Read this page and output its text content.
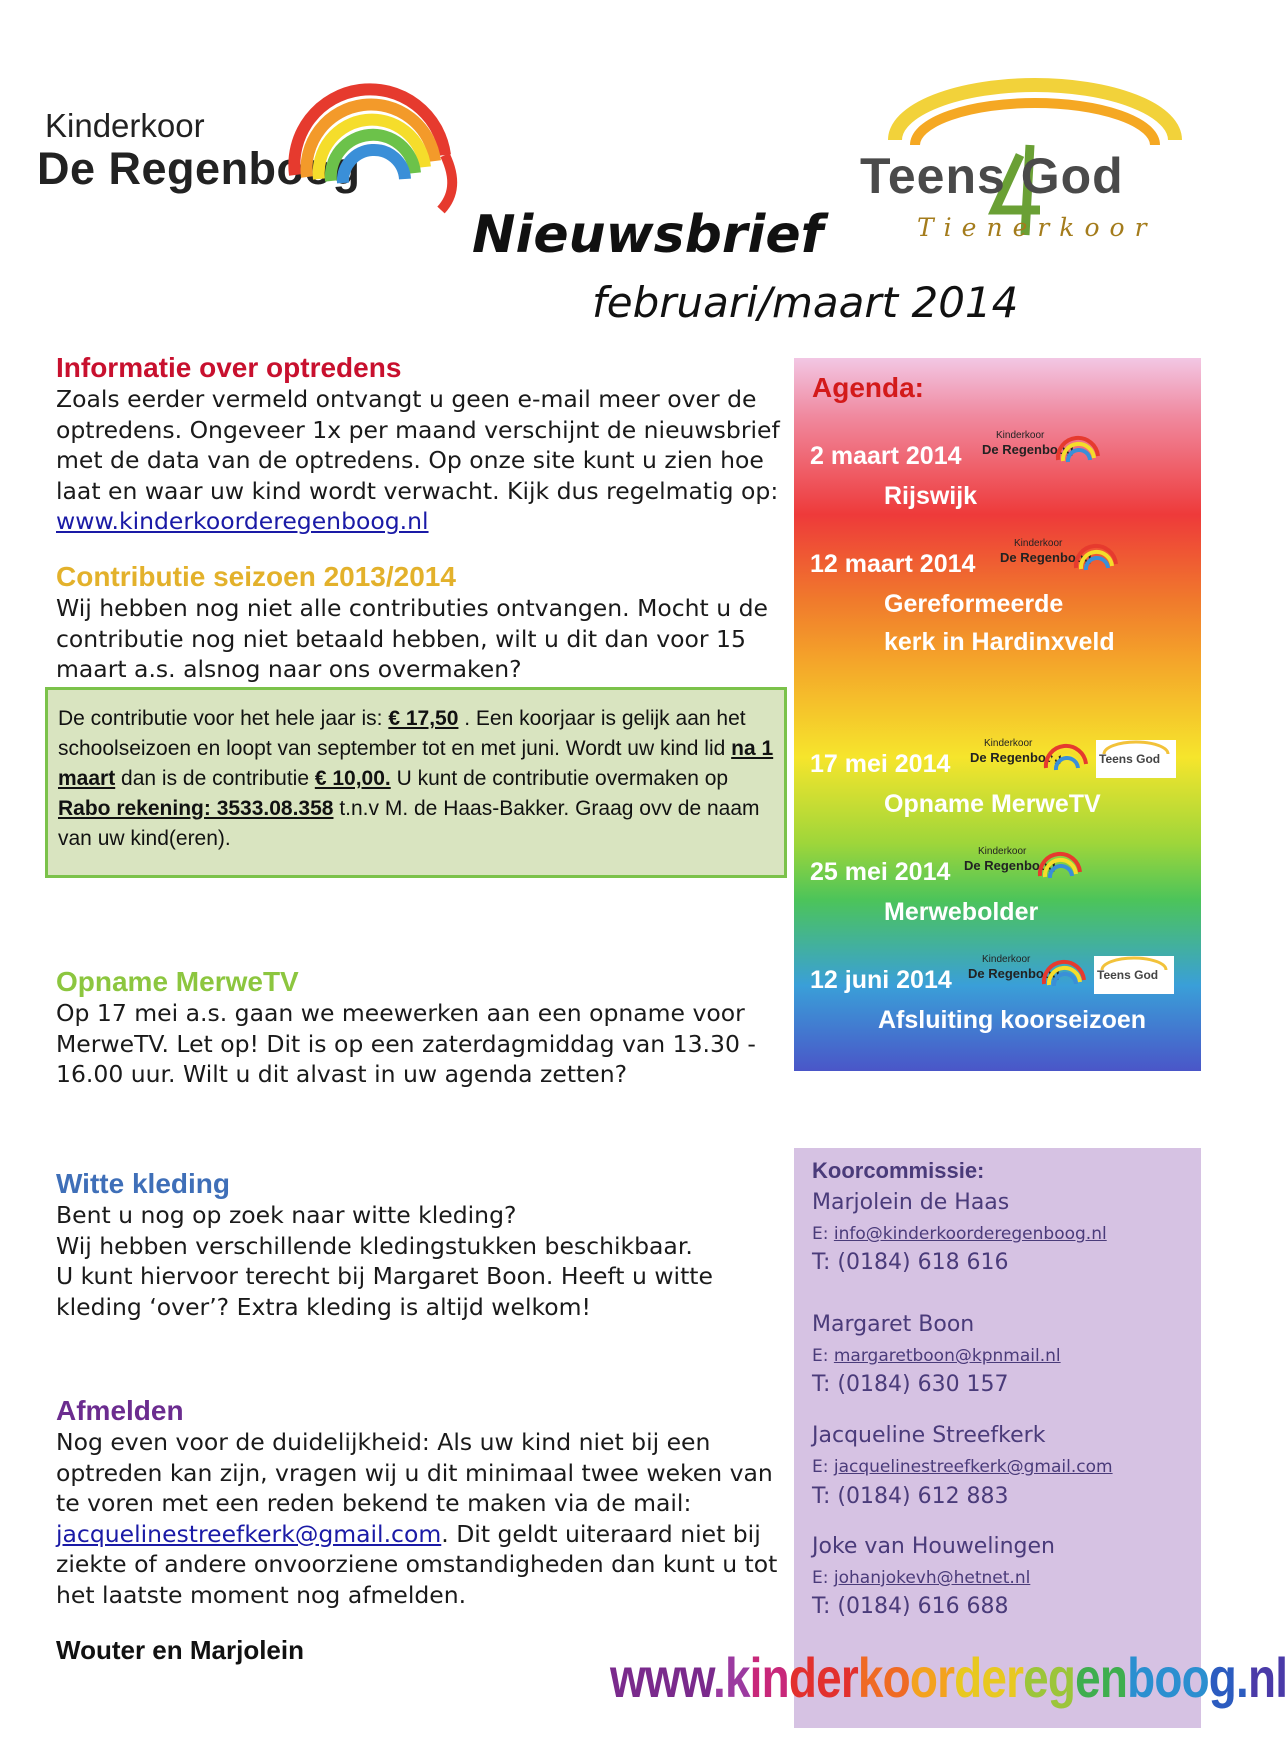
Kinderkoor
De Regenboog	Teens God
Tienerkoor
Nieuwsbrief
februari/maart 2014
Informatie over optredens
Zoals eerder vermeld ontvangt u geen e-mail meer over de optredens. Ongeveer 1x per maand verschijnt de nieuwsbrief met de data van de optredens. Op onze site kunt u zien hoe laat en waar uw kind wordt verwacht. Kijk dus regelmatig op: www.kinderkoorderegenboog.nl
Contributie seizoen 2013/2014
Wij hebben nog niet alle contributies ontvangen. Mocht u de contributie nog niet betaald hebben, wilt u dit dan voor 15 maart a.s. alsnog naar ons overmaken?
De contributie voor het hele jaar is: € 17,50 . Een koorjaar is gelijk aan het schoolseizoen en loopt van september tot en met juni. Wordt uw kind lid na 1 maart dan is de contributie € 10,00. U kunt de contributie overmaken op Rabo rekening: 3533.08.358 t.n.v M. de Haas-Bakker. Graag ovv de naam van uw kind(eren).
Opname MerweTV
Op 17 mei a.s. gaan we meewerken aan een opname voor MerweTV. Let op! Dit is op een zaterdagmiddag van 13.30 - 16.00 uur. Wilt u dit alvast in uw agenda zetten?
Witte kleding
Bent u nog op zoek naar witte kleding?
Wij hebben verschillende kledingstukken beschikbaar.
U kunt hiervoor terecht bij Margaret Boon. Heeft u witte kleding ‘over’? Extra kleding is altijd welkom!
Afmelden
Nog even voor de duidelijkheid: Als uw kind niet bij een optreden kan zijn, vragen wij u dit minimaal twee weken van te voren met een reden bekend te maken via de mail: jacquelinestreefkerk@gmail.com. Dit geldt uiteraard niet bij ziekte of andere onvoorziene omstandigheden dan kunt u tot het laatste moment nog afmelden.
Wouter en Marjolein
Agenda:
2 maart 2014
Kinderkoor
De Regenboog
Rijswijk
12 maart 2014
Kinderkoor
De Regenboog
Gereformeerde
kerk in Hardinxveld
17 mei 2014
Kinderkoor
De Regenboog	Teens God
Opname MerweTV
25 mei 2014
Kinderkoor
De Regenboog
Merwebolder
12 juni 2014
Kinderkoor
De Regenboog	Teens God
Afsluiting koorseizoen
Koorcommissie:
Marjolein de Haas
E: info@kinderkoorderegenboog.nl
T: (0184) 618 616
Margaret Boon
E: margaretboon@kpnmail.nl
T: (0184) 630 157
Jacqueline Streefkerk
E: jacquelinestreefkerk@gmail.com
T: (0184) 612 883
Joke van Houwelingen
E: johanjokevh@hetnet.nl
T: (0184) 616 688
www.kinderkoorderegenboog.nl
